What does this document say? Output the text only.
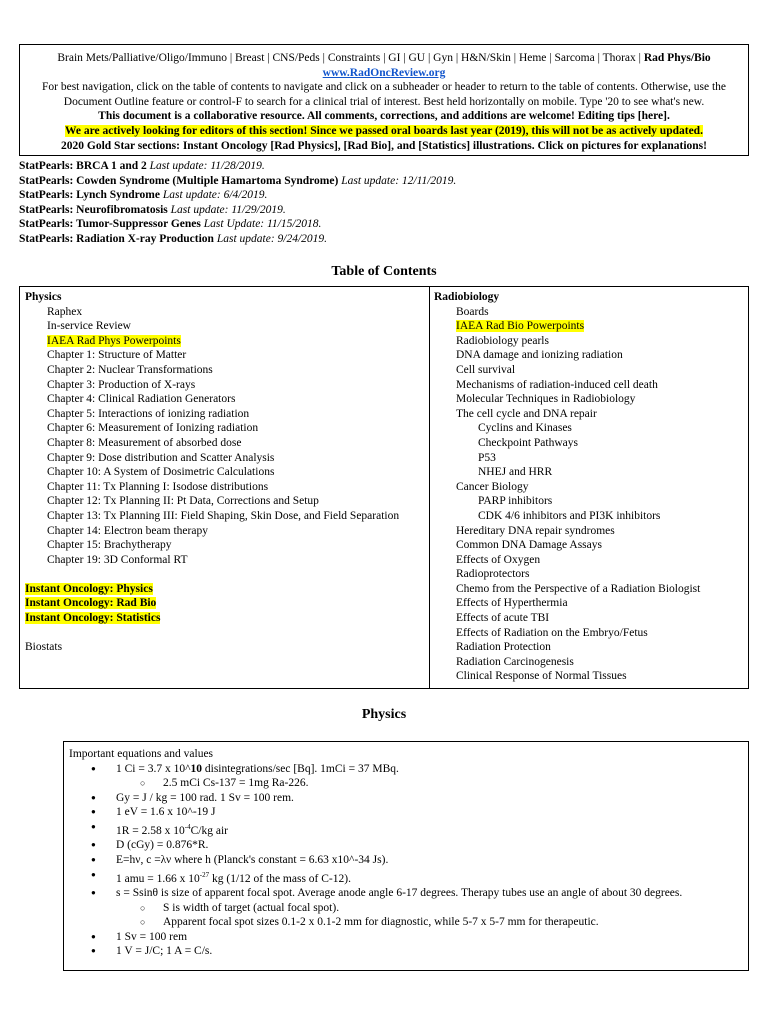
Brain Mets/Palliative/Oligo/Immuno | Breast | CNS/Peds | Constraints | GI | GU | Gyn | H&N/Skin | Heme | Sarcoma | Thorax | Rad Phys/Bio
www.RadOncReview.org
For best navigation, click on the table of contents to navigate and click on a subheader or header to return to the table of contents. Otherwise, use the
Document Outline feature or control-F to search for a clinical trial of interest. Best held horizontally on mobile. Type '20 to see what's new.
This document is a collaborative resource. All comments, corrections, and additions are welcome! Editing tips [here].
We are actively looking for editors of this section! Since we passed oral boards last year (2019), this will not be as actively updated.
2020 Gold Star sections: Instant Oncology [Rad Physics], [Rad Bio], and [Statistics] illustrations. Click on pictures for explanations!
StatPearls: BRCA 1 and 2 Last update: 11/28/2019.
StatPearls: Cowden Syndrome (Multiple Hamartoma Syndrome) Last update: 12/11/2019.
StatPearls: Lynch Syndrome Last update: 6/4/2019.
StatPearls: Neurofibromatosis Last update: 11/29/2019.
StatPearls: Tumor-Suppressor Genes Last Update: 11/15/2018.
StatPearls: Radiation X-ray Production Last update: 9/24/2019.
Table of Contents
Physics
Raphex
In-service Review
IAEA Rad Phys Powerpoints
Chapter 1: Structure of Matter
Chapter 2: Nuclear Transformations
Chapter 3: Production of X-rays
Chapter 4: Clinical Radiation Generators
Chapter 5: Interactions of ionizing radiation
Chapter 6: Measurement of Ionizing radiation
Chapter 8: Measurement of absorbed dose
Chapter 9: Dose distribution and Scatter Analysis
Chapter 10: A System of Dosimetric Calculations
Chapter 11: Tx Planning I: Isodose distributions
Chapter 12: Tx Planning II: Pt Data, Corrections and Setup
Chapter 13: Tx Planning III: Field Shaping, Skin Dose, and Field Separation
Chapter 14: Electron beam therapy
Chapter 15: Brachytherapy
Chapter 19: 3D Conformal RT
Instant Oncology: Physics
Instant Oncology: Rad Bio
Instant Oncology: Statistics
Biostats
Radiobiology
Boards
IAEA Rad Bio Powerpoints
Radiobiology pearls
DNA damage and ionizing radiation
Cell survival
Mechanisms of radiation-induced cell death
Molecular Techniques in Radiobiology
The cell cycle and DNA repair
Cyclins and Kinases
Checkpoint Pathways
P53
NHEJ and HRR
Cancer Biology
PARP inhibitors
CDK 4/6 inhibitors and PI3K inhibitors
Hereditary DNA repair syndromes
Common DNA Damage Assays
Effects of Oxygen
Radioprotectors
Chemo from the Perspective of a Radiation Biologist
Effects of Hyperthermia
Effects of acute TBI
Effects of Radiation on the Embryo/Fetus
Radiation Protection
Radiation Carcinogenesis
Clinical Response of Normal Tissues
Physics
Important equations and values
● 1 Ci = 3.7 x 10^10 disintegrations/sec [Bq]. 1mCi = 37 MBq.
○ 2.5 mCi Cs-137 = 1mg Ra-226.
● Gy = J / kg = 100 rad. 1 Sv = 100 rem.
● 1 eV = 1.6 x 10^-19 J
● 1R = 2.58 x $10^{-4}C/kg$ air
● D (cGy) = 0.876*R.
● E=hν, c =λν where h (Planck's constant = 6.63 x10^-34 Js).
● 1 amu = 1.66 x $10^{-27}$ kg (1/12 of the mass of C-12).
● s = Ssinθ is size of apparent focal spot. Average anode angle 6-17 degrees. Therapy tubes use an angle of about 30 degrees.
○ S is width of target (actual focal spot).
○ Apparent focal spot sizes 0.1-2 x 0.1-2 mm for diagnostic, while 5-7 x 5-7 mm for therapeutic.
● 1 Sv = 100 rem
● 1 V = J/C; 1 A = C/s.
